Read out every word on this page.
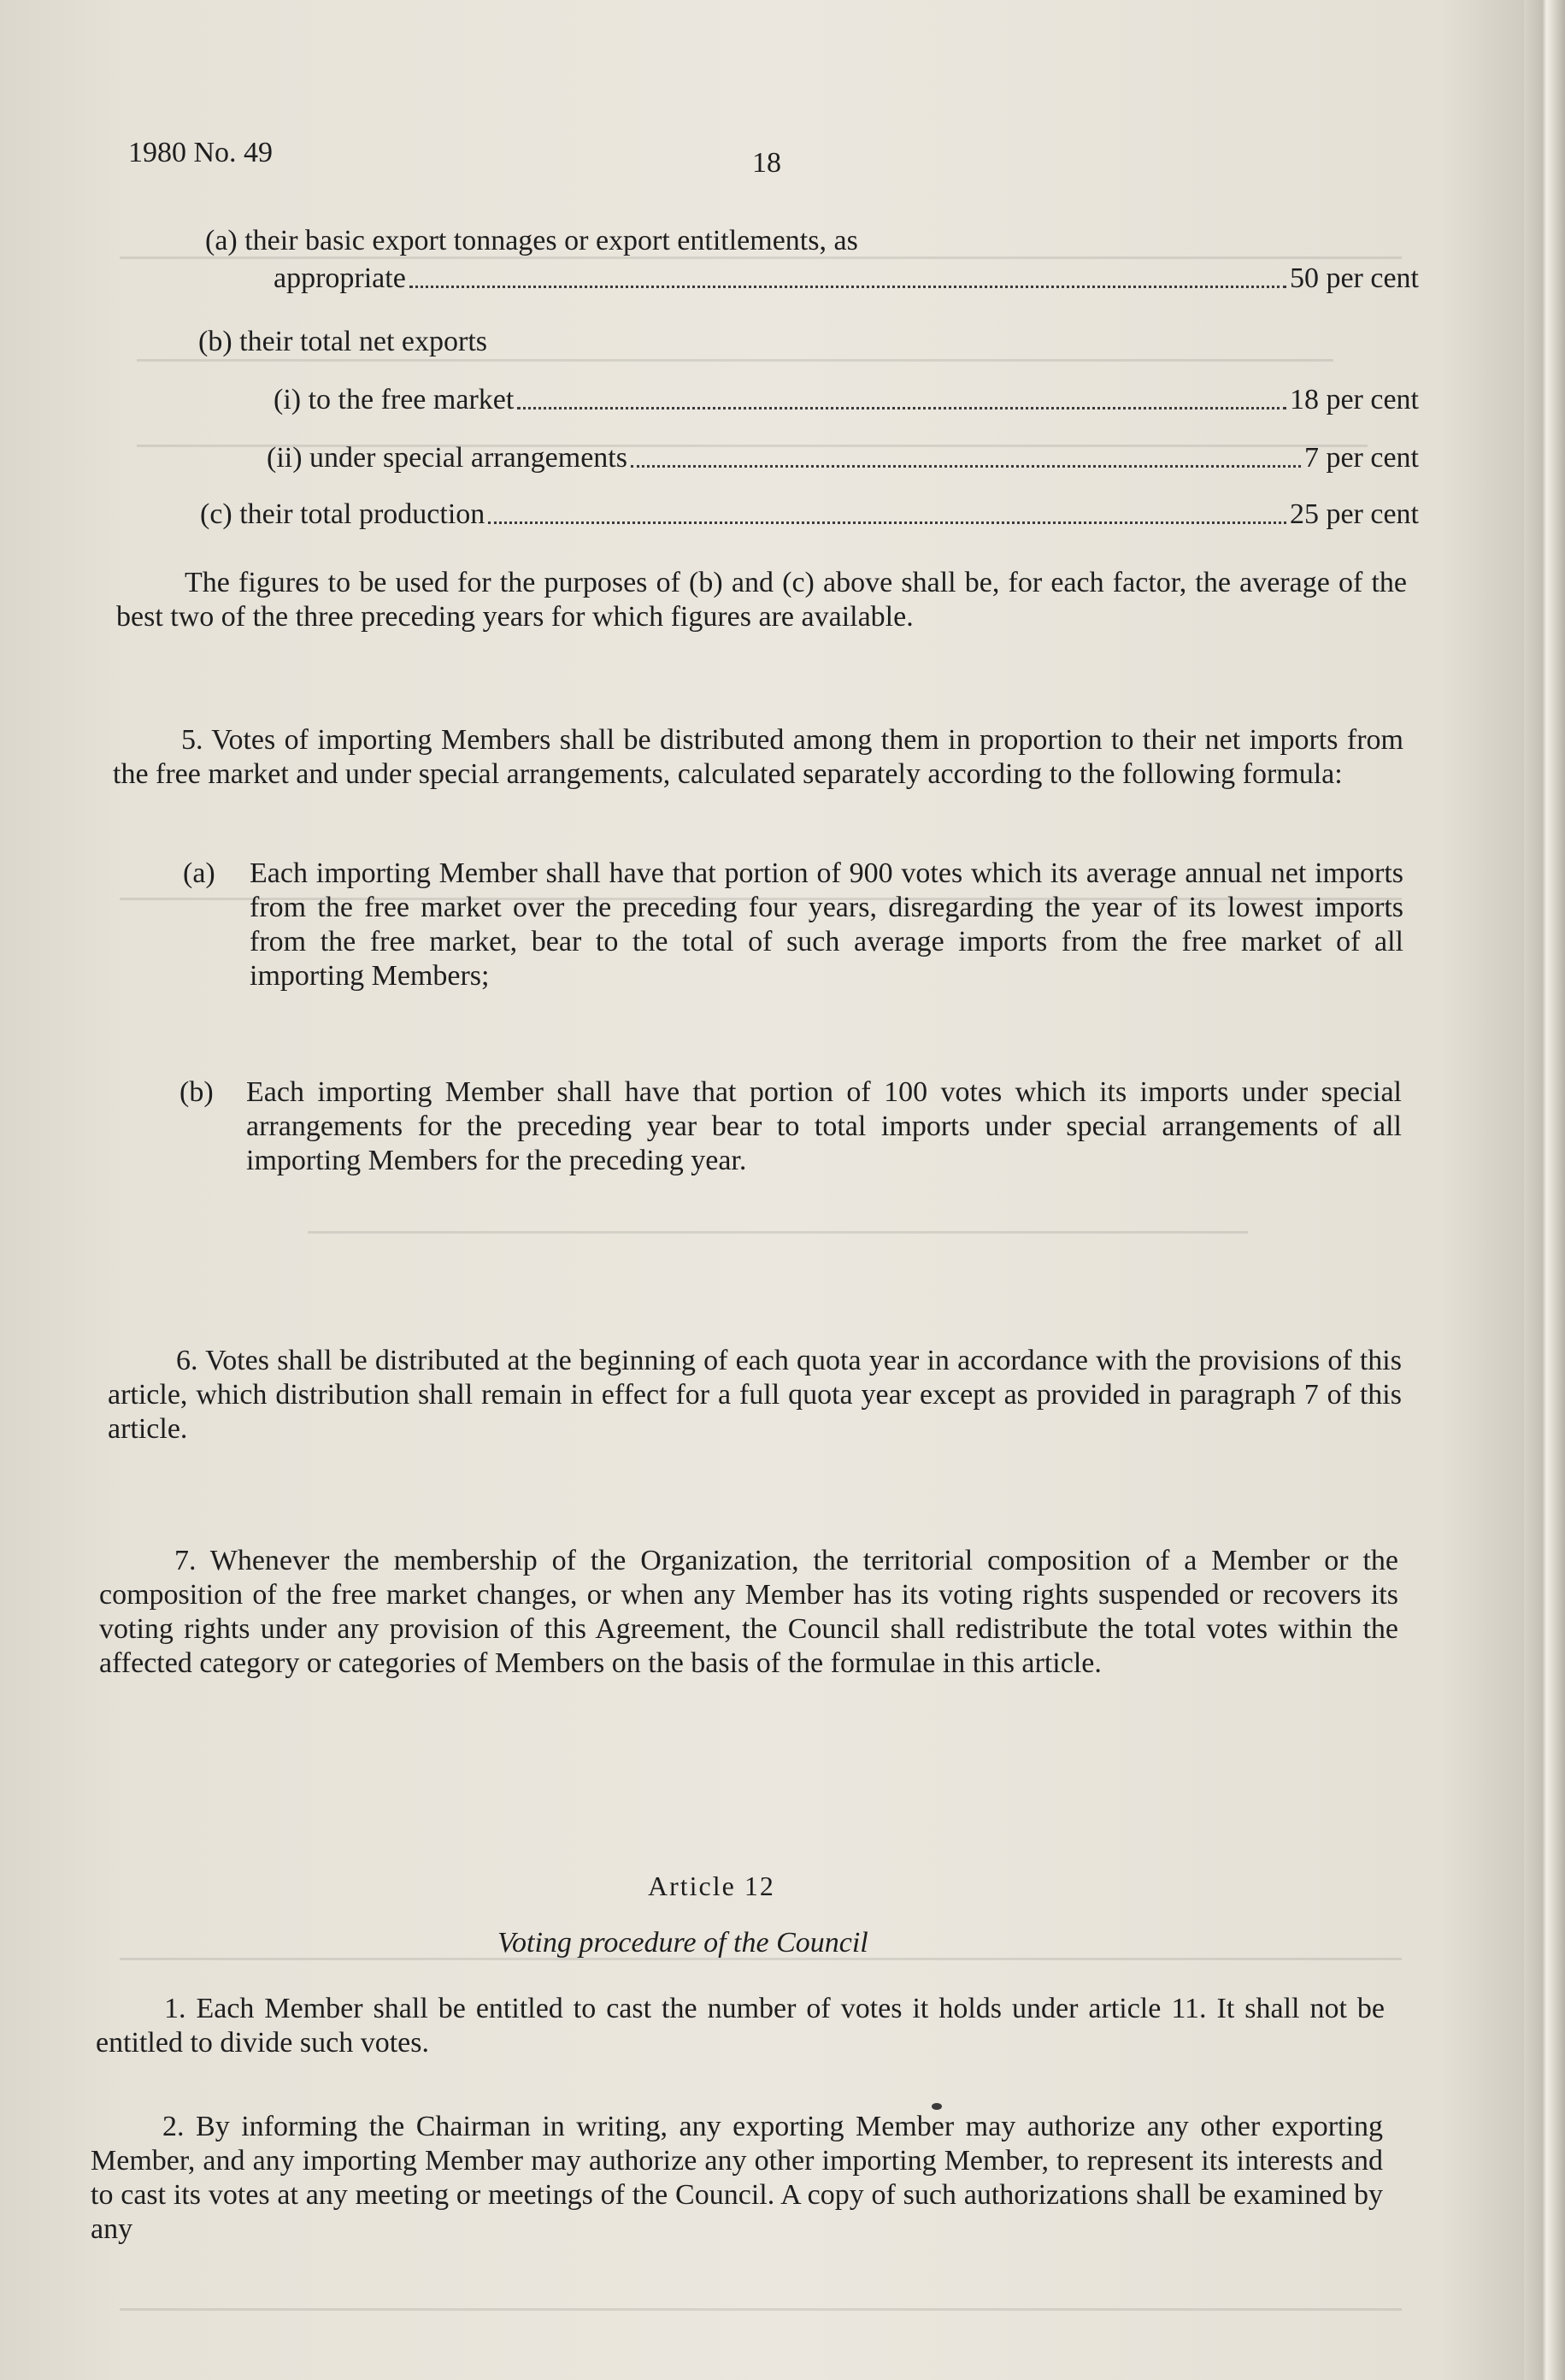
1980 No. 49	18
(a) their basic export tonnages or export entitlements, as
appropriate	50 per cent
(b) their total net exports
(i) to the free market	18 per cent
(ii) under special arrangements	7 per cent
(c) their total production	25 per cent
The figures to be used for the purposes of (b) and (c) above shall be, for each factor, the average of the best two of the three preceding years for which figures are available.
5. Votes of importing Members shall be distributed among them in proportion to their net imports from the free market and under special arrangements, calculated separately according to the following formula:
(a)	Each importing Member shall have that portion of 900 votes which its average annual net imports from the free market over the preceding four years, disregarding the year of its lowest imports from the free market, bear to the total of such average imports from the free market of all importing Members;
(b)	Each importing Member shall have that portion of 100 votes which its imports under special arrangements for the preceding year bear to total imports under special arrangements of all importing Members for the preceding year.
6. Votes shall be distributed at the beginning of each quota year in accordance with the provisions of this article, which distribution shall remain in effect for a full quota year except as provided in paragraph 7 of this article.
7. Whenever the membership of the Organization, the territorial composition of a Member or the composition of the free market changes, or when any Member has its voting rights suspended or recovers its voting rights under any provision of this Agreement, the Council shall redistribute the total votes within the affected category or categories of Members on the basis of the formulae in this article.
Article 12
Voting procedure of the Council
1. Each Member shall be entitled to cast the number of votes it holds under article 11. It shall not be entitled to divide such votes.
2. By informing the Chairman in writing, any exporting Member may authorize any other exporting Member, and any importing Member may authorize any other importing Member, to represent its interests and to cast its votes at any meeting or meetings of the Council. A copy of such authorizations shall be examined by any
